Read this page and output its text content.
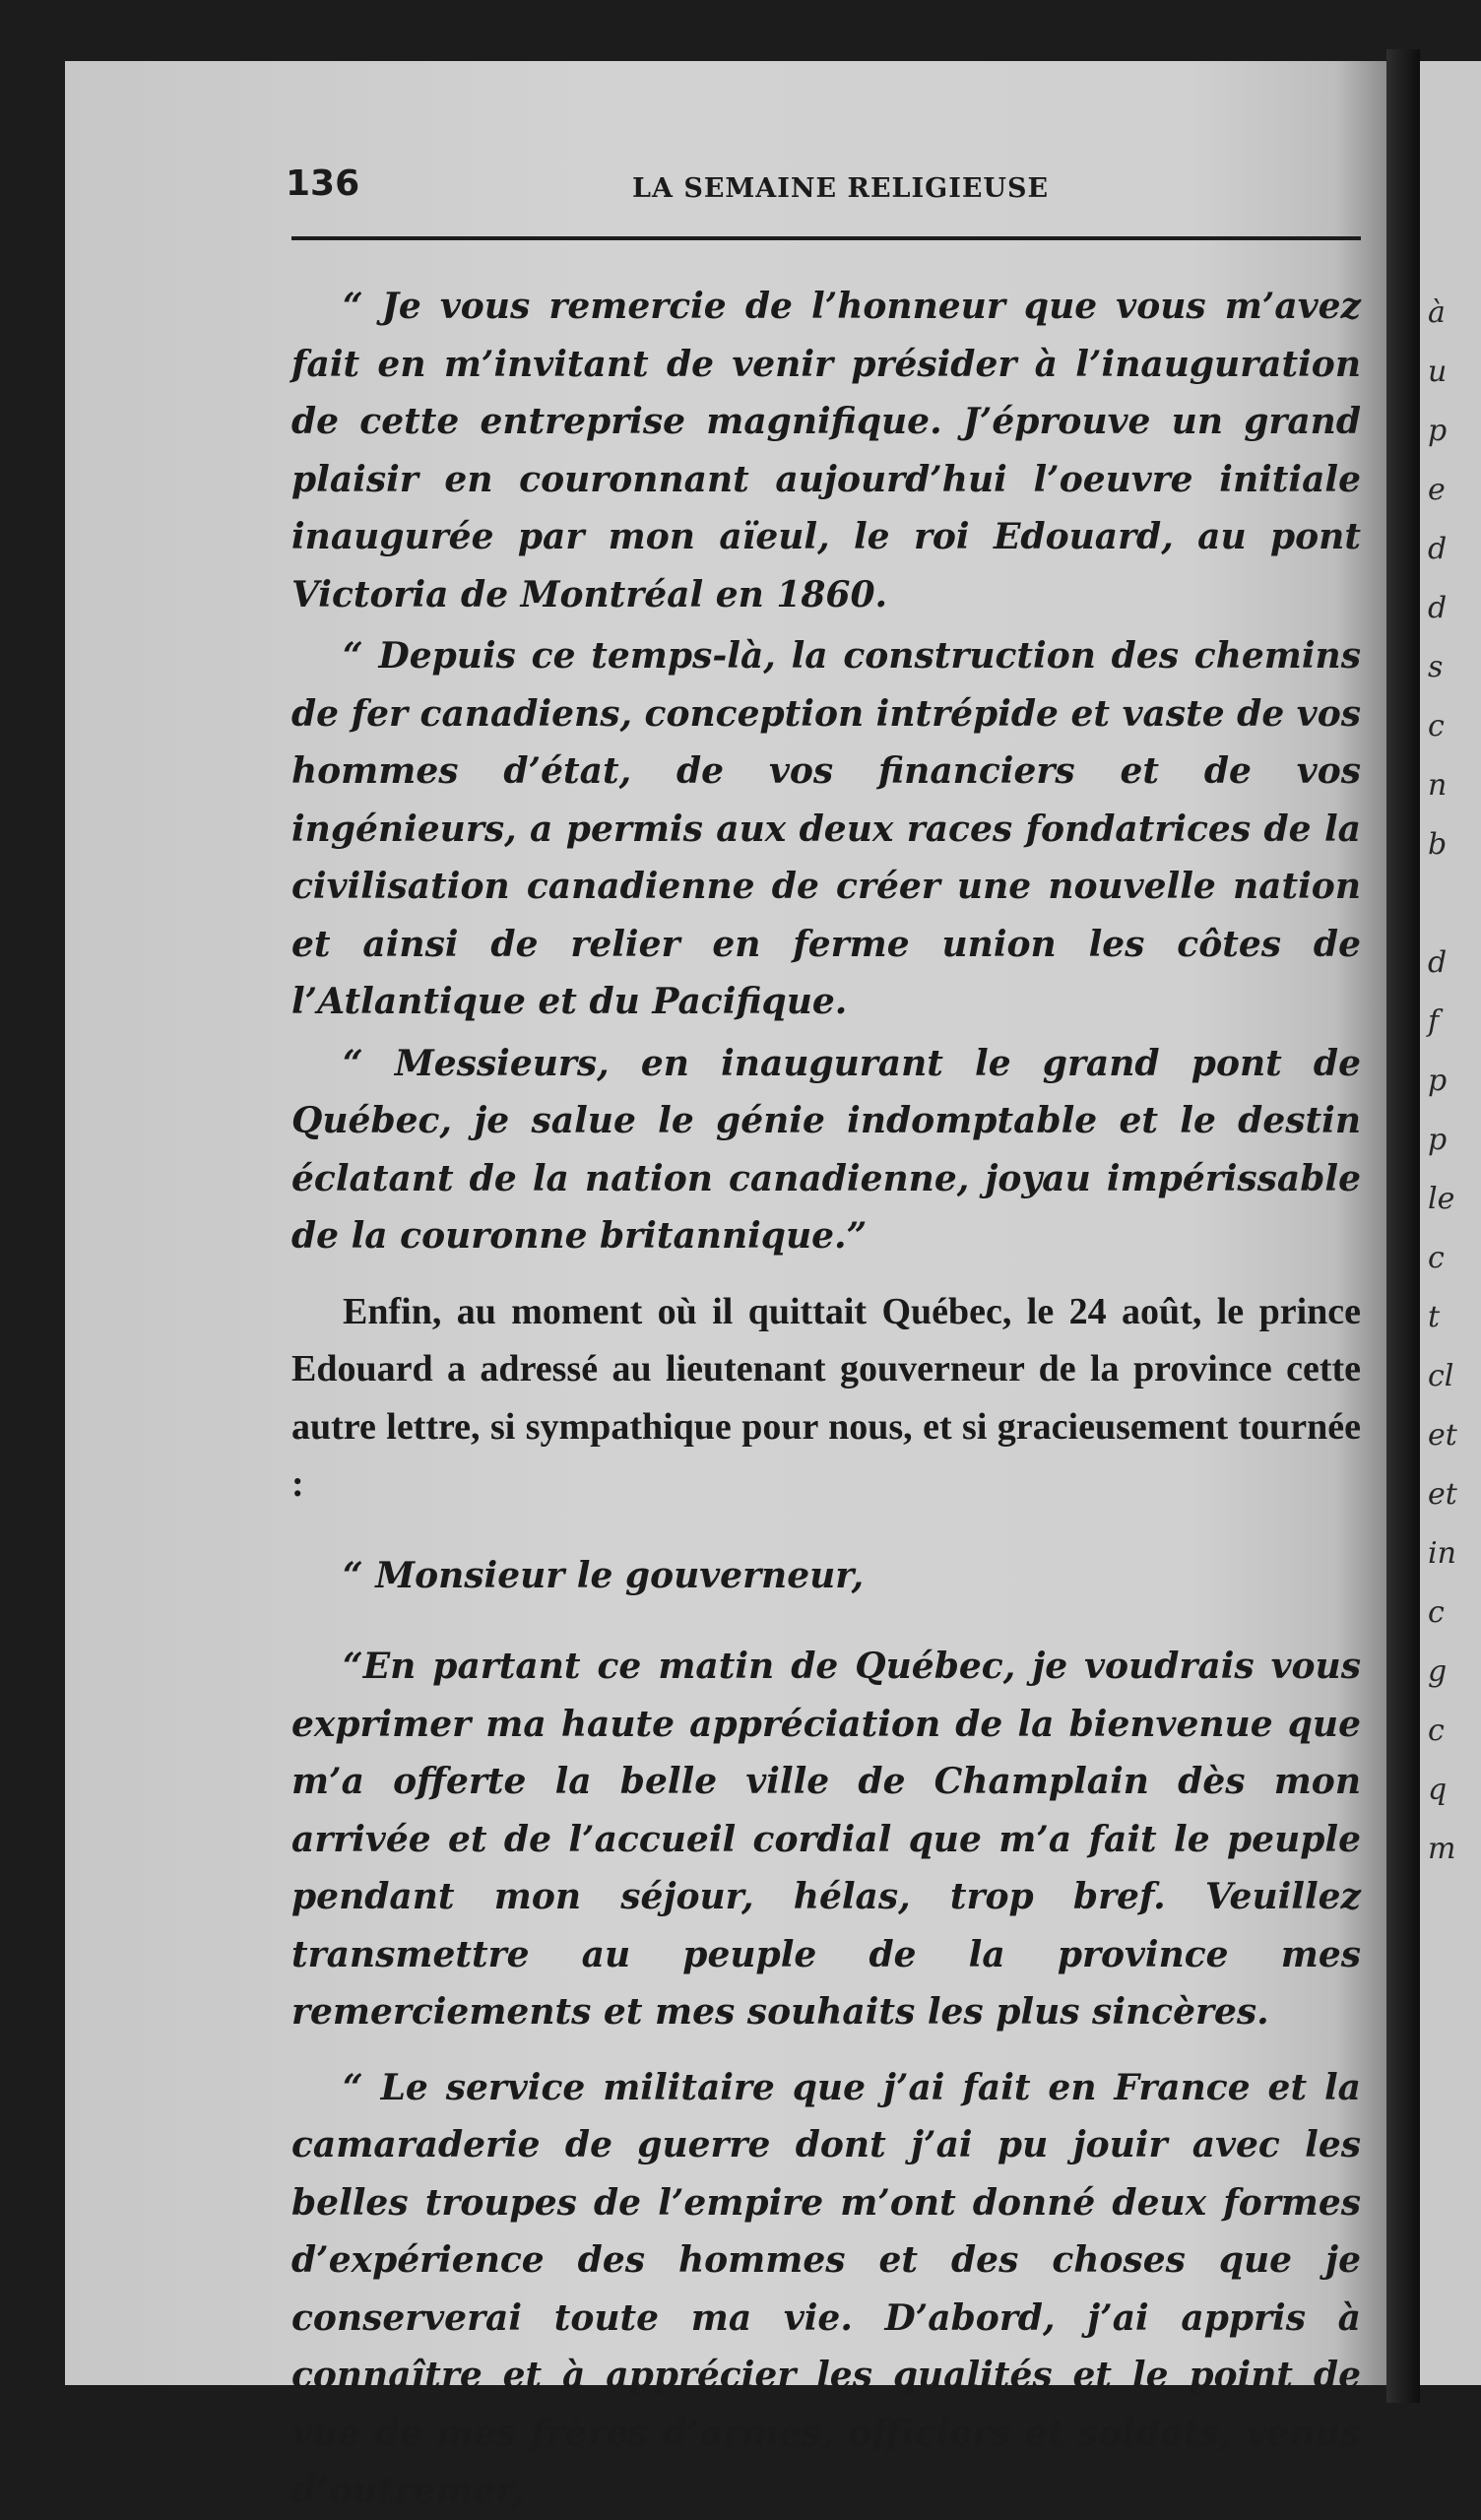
à
u
p
e
d
d
s
c
n
b
d
f
p
p
le
c
t
cl
et
et
in
c
g
c
q
m
136	LA SEMAINE RELIGIEUSE

“ Je vous remercie de l’honneur que vous m’avez fait en m’invitant de venir présider à l’inauguration de cette entreprise magnifique. J’éprouve un grand plaisir en couronnant aujourd’hui l’oeuvre initiale inaugurée par mon aïeul, le roi Edouard, au pont Victoria de Montréal en 1860.

“ Depuis ce temps-là, la construction des chemins de fer canadiens, conception intrépide et vaste de vos hommes d’état, de vos financiers et de vos ingénieurs, a permis aux deux races fondatrices de la civilisation canadienne de créer une nouvelle nation et ainsi de relier en ferme union les côtes de l’Atlantique et du Pacifique.

“ Messieurs, en inaugurant le grand pont de Québec, je salue le génie indomptable et le destin éclatant de la nation canadienne, joyau impérissable de la couronne britannique.”

Enfin, au moment où il quittait Québec, le 24 août, le prince Edouard a adressé au lieutenant gouverneur de la province cette autre lettre, si sympathique pour nous, et si gracieusement tournée :

“ Monsieur le gouverneur,

“En partant ce matin de Québec, je voudrais vous exprimer ma haute appréciation de la bienvenue que m’a offerte la belle ville de Champlain dès mon arrivée et de l’accueil cordial que m’a fait le peuple pendant mon séjour, hélas, trop bref. Veuillez transmettre au peuple de la province mes remerciements et mes souhaits les plus sincères.

“ Le service militaire que j’ai fait en France et la camaraderie de guerre dont j’ai pu jouir avec les belles troupes de l’empire m’ont donné deux formes d’expérience des hommes et des choses que je conserverai toute ma vie. D’abord, j’ai appris à connaître et à apprécier les qualités et le point de vue de mes frères d’armes, officiers et soldats, venus d’outremer,
